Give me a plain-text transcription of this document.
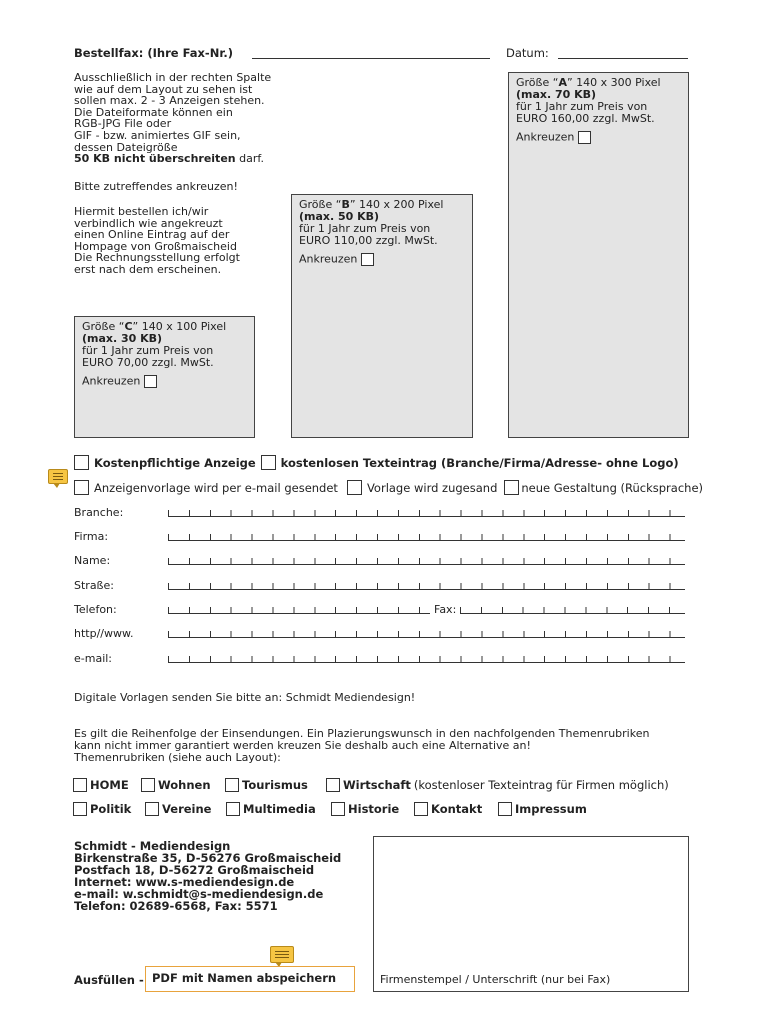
Bestellfax: (Ihre Fax-Nr.)	Datum:
Ausschließlich in der rechten Spalte
wie auf dem Layout zu sehen ist
sollen max. 2 - 3 Anzeigen stehen.
Die Dateiformate können ein
RGB-JPG File oder
GIF - bzw. animiertes GIF sein,
dessen Dateigröße
50 KB nicht überschreiten darf.
Bitte zutreffendes ankreuzen!
Hiermit bestellen ich/wir
verbindlich wie angekreuzt
einen Online Eintrag auf der
Hompage von Großmaischeid
Die Rechnungsstellung erfolgt
erst nach dem erscheinen.
Größe “A” 140 x 300 Pixel
(max. 70 KB)
für 1 Jahr zum Preis von
EURO 160,00 zzgl. MwSt.
Ankreuzen
Größe “B” 140 x 200 Pixel
(max. 50 KB)
für 1 Jahr zum Preis von
EURO 110,00 zzgl. MwSt.
Ankreuzen
Größe “C” 140 x 100 Pixel
(max. 30 KB)
für 1 Jahr zum Preis von
EURO 70,00 zzgl. MwSt.
Ankreuzen
Kostenpflichtige Anzeige kostenlosen Texteintrag (Branche/Firma/Adresse- ohne Logo)
Anzeigenvorlage wird per e-mail gesendet	Vorlage wird zugesand neue Gestaltung (Rücksprache)
Branche:
Firma:
Name:
Straße:
Telefon:	Fax:
http//www.
e-mail:
Digitale Vorlagen senden Sie bitte an: Schmidt Mediendesign!
Es gilt die Reihenfolge der Einsendungen. Ein Plazierungswunsch in den nachfolgenden Themenrubriken
kann nicht immer garantiert werden kreuzen Sie deshalb auch eine Alternative an!
Themenrubriken (siehe auch Layout):
HOME	Wohnen	Tourismus	Wirtschaft (kostenloser Texteintrag für Firmen möglich)
Politik	Vereine	Multimedia	Historie	Kontakt	Impressum
Schmidt - Mediendesign
Birkenstraße 35, D-56276 Großmaischeid
Postfach 18, D-56272 Großmaischeid
Internet: www.s-mediendesign.de
e-mail: w.schmidt@s-mediendesign.de
Telefon: 02689-6568, Fax: 5571
Firmenstempel / Unterschrift (nur bei Fax)
Ausfüllen - PDF mit Namen abspeichern
